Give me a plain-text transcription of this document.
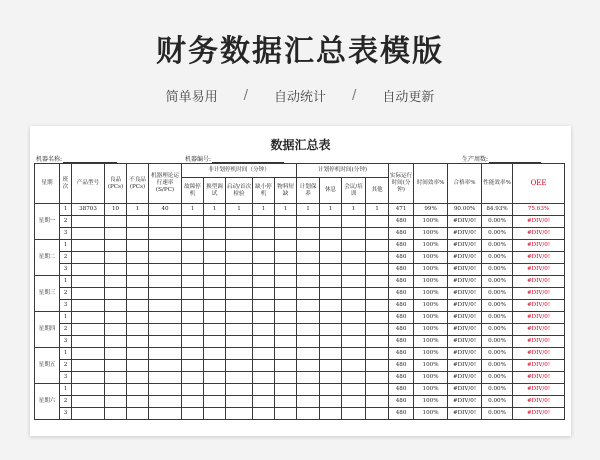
财务数据汇总表模版
简单易用 / 自动统计 / 自动更新
数据汇总表
机器名称:	机器编号:	生产周数:
星期	班次	产品型号	良品(PCs)	不良品(PCs)	机器理论运行速率(S/PC)	非计划停机时间（分钟）					计划停机时间(分钟)				实际运行时间(分钟)	时间效率%	合格率%	性能效率%	OEE
						故障停机	换型调试	启动/首次检验	缺小停机	物料短缺	计划保养	休息	会议/培训	其他					
星期一	1	38703	10	1	40	1	1	1	1	1	1	1	1	1	471	99%	90.00%	84.93%	75.63%
	2														480	100%	#DIV/0!	0.00%	#DIV/0!
	3														480	100%	#DIV/0!	0.00%	#DIV/0!
星期二	1														480	100%	#DIV/0!	0.00%	#DIV/0!
	2														480	100%	#DIV/0!	0.00%	#DIV/0!
	3														480	100%	#DIV/0!	0.00%	#DIV/0!
星期三	1														480	100%	#DIV/0!	0.00%	#DIV/0!
	2														480	100%	#DIV/0!	0.00%	#DIV/0!
	3														480	100%	#DIV/0!	0.00%	#DIV/0!
星期四	1														480	100%	#DIV/0!	0.00%	#DIV/0!
	2														480	100%	#DIV/0!	0.00%	#DIV/0!
	3														480	100%	#DIV/0!	0.00%	#DIV/0!
星期五	1														480	100%	#DIV/0!	0.00%	#DIV/0!
	2														480	100%	#DIV/0!	0.00%	#DIV/0!
	3														480	100%	#DIV/0!	0.00%	#DIV/0!
星期六	1														480	100%	#DIV/0!	0.00%	#DIV/0!
	2														480	100%	#DIV/0!	0.00%	#DIV/0!
	3														480	100%	#DIV/0!	0.00%	#DIV/0!
